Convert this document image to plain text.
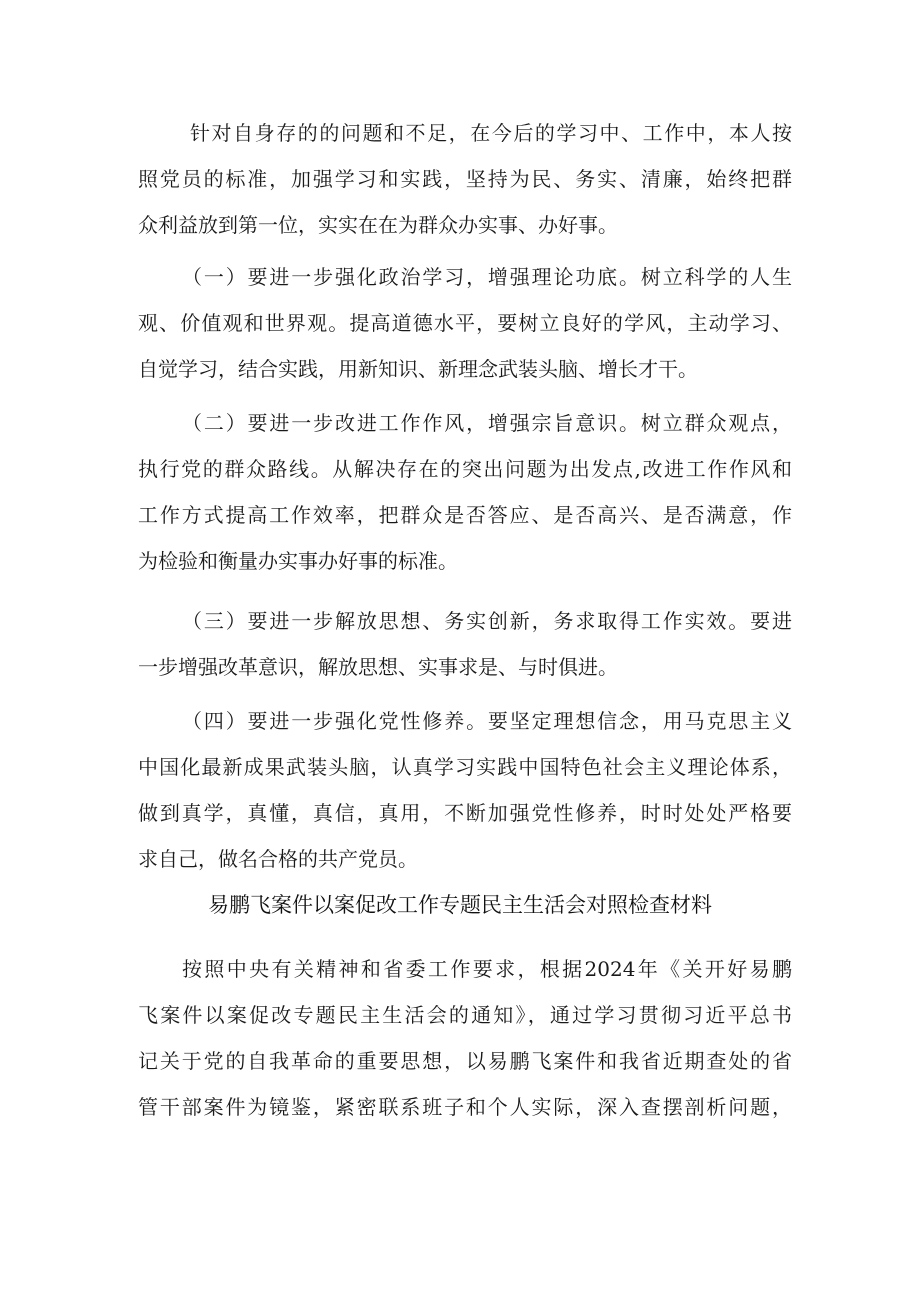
针对自身存的的问题和不足，在今后的学习中、工作中，本人按
照党员的标准，加强学习和实践，坚持为民、务实、清廉，始终把群
众利益放到第一位，实实在在为群众办实事、办好事。
（一）要进一步强化政治学习，增强理论功底。树立科学的人生
观、价值观和世界观。提高道德水平，要树立良好的学风，主动学习、
自觉学习，结合实践，用新知识、新理念武装头脑、增长才干。
（二）要进一步改进工作作风，增强宗旨意识。树立群众观点，
执行党的群众路线。从解决存在的突出问题为出发点,改进工作作风和
工作方式提高工作效率，把群众是否答应、是否高兴、是否满意，作
为检验和衡量办实事办好事的标准。
（三）要进一步解放思想、务实创新，务求取得工作实效。要进
一步增强改革意识，解放思想、实事求是、与时俱进。
（四）要进一步强化党性修养。要坚定理想信念，用马克思主义
中国化最新成果武装头脑，认真学习实践中国特色社会主义理论体系，
做到真学，真懂，真信，真用，不断加强党性修养，时时处处严格要
求自己，做名合格的共产党员。
易鹏飞案件以案促改工作专题民主生活会对照检查材料
按照中央有关精神和省委工作要求，根据2024年《关开好易鹏
飞案件以案促改专题民主生活会的通知》，通过学习贯彻习近平总书
记关于党的自我革命的重要思想，以易鹏飞案件和我省近期查处的省
管干部案件为镜鉴，紧密联系班子和个人实际，深入查摆剖析问题，
